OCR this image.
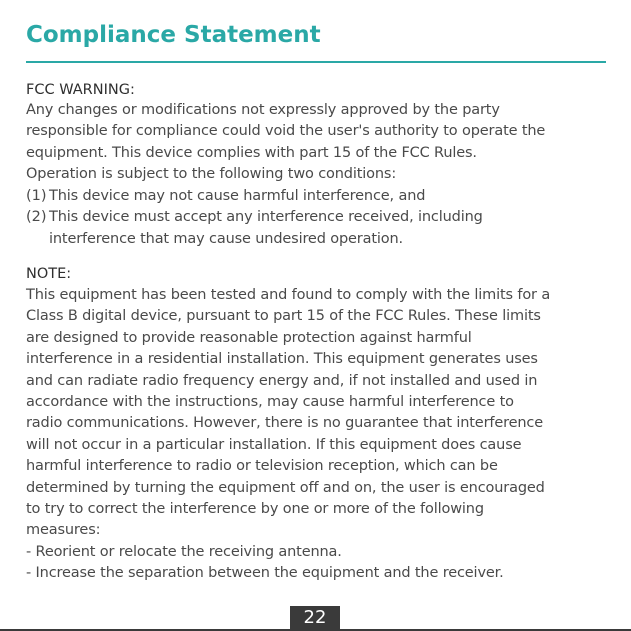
Compliance Statement

FCC WARNING:

Any changes or modifications not expressly approved by the party

responsible for compliance could void the user's authority to operate the

equipment. This device complies with part 15 of the FCC Rules.

Operation is subject to the following two conditions:

(1) This device may not cause harmful interference, and

(2) This device must accept any interference received, including

interference that may cause undesired operation.

NOTE:

This equipment has been tested and found to comply with the limits for a

Class B digital device, pursuant to part 15 of the FCC Rules. These limits

are designed to provide reasonable protection against harmful

interference in a residential installation. This equipment generates uses

and can radiate radio frequency energy and, if not installed and used in

accordance with the instructions, may cause harmful interference to

radio communications. However, there is no guarantee that interference

will not occur in a particular installation. If this equipment does cause

harmful interference to radio or television reception, which can be

determined by turning the equipment off and on, the user is encouraged

to try to correct the interference by one or more of the following

measures:

- Reorient or relocate the receiving antenna.

- Increase the separation between the equipment and the receiver.

22
